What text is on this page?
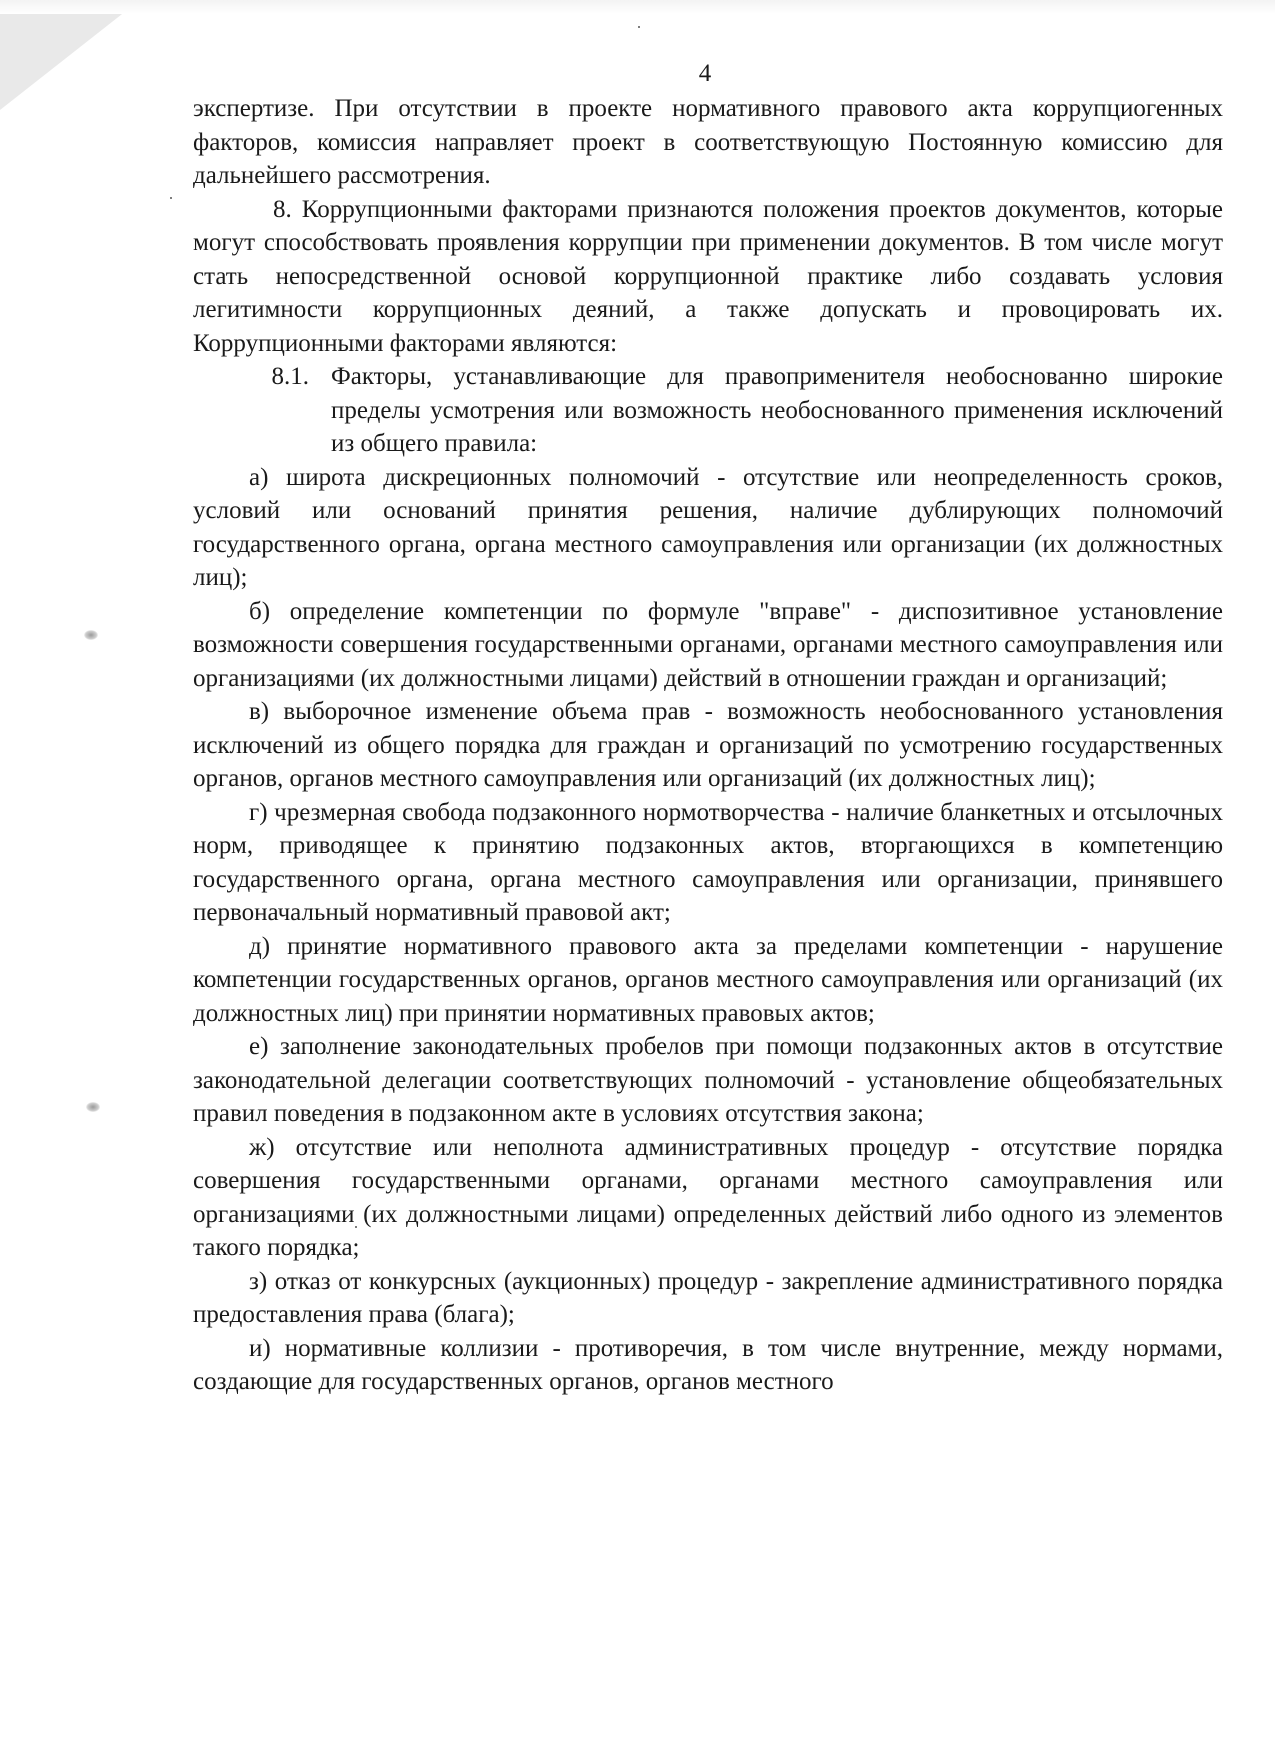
4

экспертизе. При отсутствии в проекте нормативного правового акта коррупциогенных факторов, комиссия направляет проект в соответствующую Постоянную комиссию для дальнейшего рассмотрения.

8. Коррупционными факторами признаются положения проектов документов, которые могут способствовать проявления коррупции при применении документов. В том числе могут стать непосредственной основой коррупционной практике либо создавать условия легитимности коррупционных деяний, а также допускать и провоцировать их. Коррупционными факторами являются:

8.1. Факторы, устанавливающие для правоприменителя необоснованно широкие пределы усмотрения или возможность необоснованного применения исключений из общего правила:

а) широта дискреционных полномочий - отсутствие или неопределенность сроков, условий или оснований принятия решения, наличие дублирующих полномочий государственного органа, органа местного самоуправления или организации (их должностных лиц);

б) определение компетенции по формуле "вправе" - диспозитивное установление возможности совершения государственными органами, органами местного самоуправления или организациями (их должностными лицами) действий в отношении граждан и организаций;

в) выборочное изменение объема прав - возможность необоснованного установления исключений из общего порядка для граждан и организаций по усмотрению государственных органов, органов местного самоуправления или организаций (их должностных лиц);

г) чрезмерная свобода подзаконного нормотворчества - наличие бланкетных и отсылочных норм, приводящее к принятию подзаконных актов, вторгающихся в компетенцию государственного органа, органа местного самоуправления или организации, принявшего первоначальный нормативный правовой акт;

д) принятие нормативного правового акта за пределами компетенции - нарушение компетенции государственных органов, органов местного самоуправления или организаций (их должностных лиц) при принятии нормативных правовых актов;

е) заполнение законодательных пробелов при помощи подзаконных актов в отсутствие законодательной делегации соответствующих полномочий - установление общеобязательных правил поведения в подзаконном акте в условиях отсутствия закона;

ж) отсутствие или неполнота административных процедур - отсутствие порядка совершения государственными органами, органами местного самоуправления или организациями (их должностными лицами) определенных действий либо одного из элементов такого порядка;

з) отказ от конкурсных (аукционных) процедур - закрепление административного порядка предоставления права (блага);

и) нормативные коллизии - противоречия, в том числе внутренние, между нормами, создающие для государственных органов, органов местного
